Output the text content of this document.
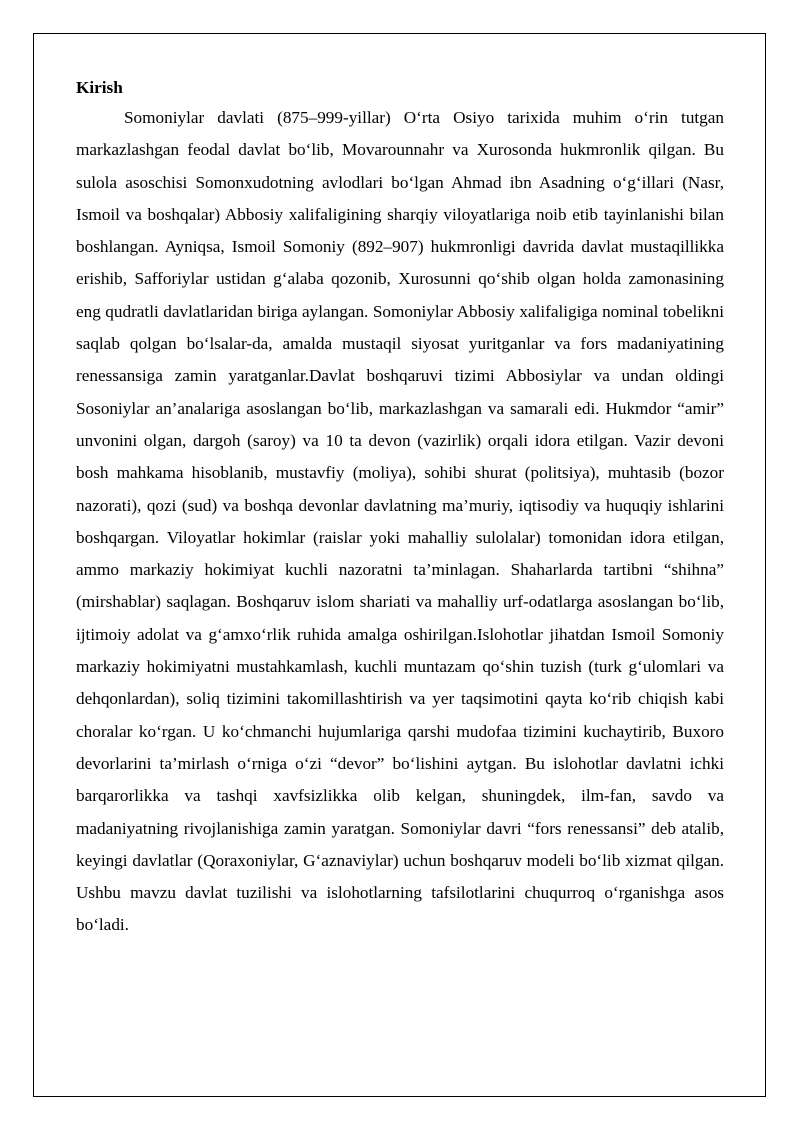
Kirish

Somoniylar davlati (875–999-yillar) O‘rta Osiyo tarixida muhim o‘rin tutgan markazlashgan feodal davlat bo‘lib, Movarounnahr va Xurosonda hukmronlik qilgan. Bu sulola asoschisi Somonxudotning avlodlari bo‘lgan Ahmad ibn Asadning o‘g‘illari (Nasr, Ismoil va boshqalar) Abbosiy xalifaligining sharqiy viloyatlariga noib etib tayinlanishi bilan boshlangan. Ayniqsa, Ismoil Somoniy (892–907) hukmronligi davrida davlat mustaqillikka erishib, Safforiylar ustidan g‘alaba qozonib, Xurosunni qo‘shib olgan holda zamonasining eng qudratli davlatlaridan biriga aylangan. Somoniylar Abbosiy xalifaligiga nominal tobelikni saqlab qolgan bo‘lsalar-da, amalda mustaqil siyosat yuritganlar va fors madaniyatining renessansiga zamin yaratganlar.Davlat boshqaruvi tizimi Abbosiylar va undan oldingi Sosoniylar an’analariga asoslangan bo‘lib, markazlashgan va samarali edi. Hukmdor “amir” unvonini olgan, dargoh (saroy) va 10 ta devon (vazirlik) orqali idora etilgan. Vazir devoni bosh mahkama hisoblanib, mustavfiy (moliya), sohibi shurat (politsiya), muhtasib (bozor nazorati), qozi (sud) va boshqa devonlar davlatning ma’muriy, iqtisodiy va huquqiy ishlarini boshqargan. Viloyatlar hokimlar (raislar yoki mahalliy sulolalar) tomonidan idora etilgan, ammo markaziy hokimiyat kuchli nazoratni ta’minlagan. Shaharlarda tartibni “shihna” (mirshablar) saqlagan. Boshqaruv islom shariati va mahalliy urf-odatlarga asoslangan bo‘lib, ijtimoiy adolat va g‘amxo‘rlik ruhida amalga oshirilgan.Islohotlar jihatdan Ismoil Somoniy markaziy hokimiyatni mustahkamlash, kuchli muntazam qo‘shin tuzish (turk g‘ulomlari va dehqonlardan), soliq tizimini takomillashtirish va yer taqsimotini qayta ko‘rib chiqish kabi choralar ko‘rgan. U ko‘chmanchi hujumlariga qarshi mudofaa tizimini kuchaytirib, Buxoro devorlarini ta’mirlash o‘rniga o‘zi “devor” bo‘lishini aytgan. Bu islohotlar davlatni ichki barqarorlikka va tashqi xavfsizlikka olib kelgan, shuningdek, ilm-fan, savdo va madaniyatning rivojlanishiga zamin yaratgan. Somoniylar davri “fors renessansi” deb atalib, keyingi davlatlar (Qoraxoniylar, G‘aznaviylar) uchun boshqaruv modeli bo‘lib xizmat qilgan. Ushbu mavzu davlat tuzilishi va islohotlarning tafsilotlarini chuqurroq o‘rganishga asos bo‘ladi.
